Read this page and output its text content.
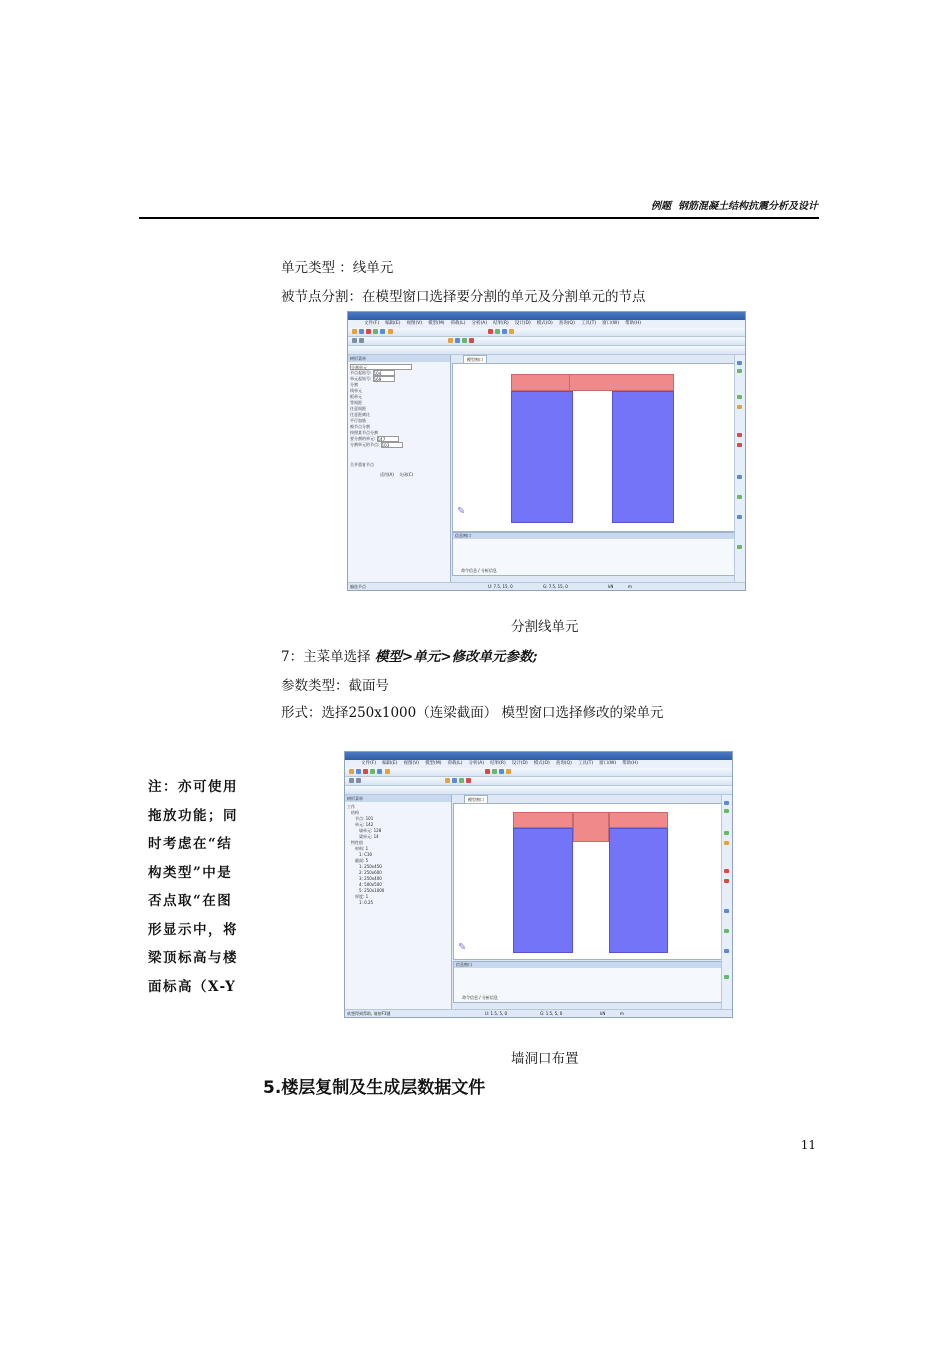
例题  钢筋混凝土结构抗震分析及设计
单元类型 ：线单元
被节点分割：在模型窗口选择要分割的单元及分割单元的节点
文件(F) 编辑(E) 视图(V) 模型(M) 荷载(L) 分析(A) 结果(R) 设计(D) 模式(O) 查询(Q) 工具(T) 窗口(W) 帮助(H)
树形菜单
分割单元
节点起始号: 104
单元起始号: 169
分割
线单元
板单元
等间距
任意间距
任意距离比
平行加筋
被节点分割
按照某节点分割
要分割的单元: 147
分割单元的节点: 103
合并重复节点
适用(A) 关闭(C)
模型窗口
✎
信息窗口
命令信息 / 分析信息
编选节点	U: 7.5, 15, 0	G: 7.5, 15, 0	kN	m
分割线单元
7：主菜单选择 模型>单元>修改单元参数;
参数类型：截面号
形式：选择250x1000（连梁截面） 模型窗口选择修改的梁单元
注：亦可使用
拖放功能；同
时考虑在“结
构类型”中是
否点取“在图
形显示中，将
梁顶标高与楼
面标高（X-Y
文件(F) 编辑(E) 视图(V) 模型(M) 荷载(L) 分析(A) 结果(R) 设计(D) 模式(O) 查询(Q) 工具(T) 窗口(W) 帮助(H)
树形菜单
工作
结构
节点: 101
单元: 142
墙单元: 128
梁单元: 14
特性值
材料: 1
1: C30
截面: 5
1: 250x450
2: 250x600
3: 250x400
4: 500x500
5: 250x1000
厚度: 1
1: 0.25
模型窗口
✎
信息窗口
命令信息 / 分析信息
欲想得到帮助, 请按F1键	U: 1.5, 5, 0	G: 1.5, 5, 0	kN	m
墙洞口布置
5.楼层复制及生成层数据文件
11
